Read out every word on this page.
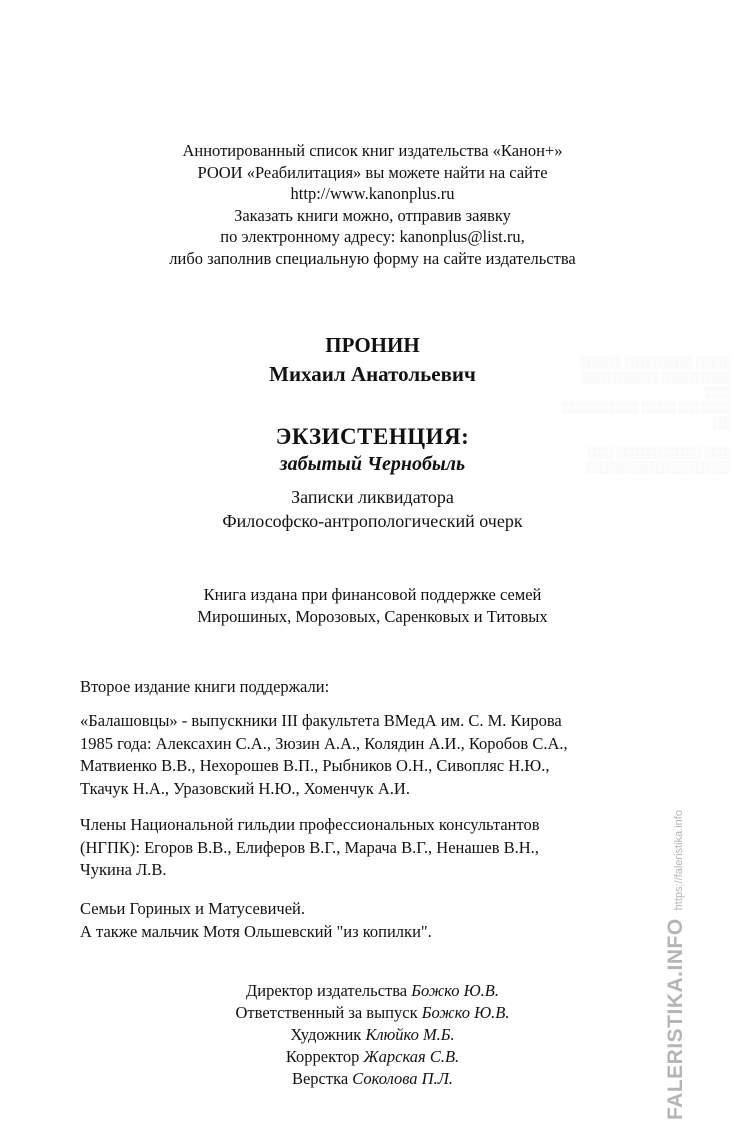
░░░░ ░░░░░░░░ ░░░░░
░░░░░░░░ ░░░░░░░░░ ░░░
░░░░░░ ░░░░ ░░░░░░░░░ ░░

░░░ ░░░░░░░░░░ ░░░
░░░░░░░░░░░░░░░░░
Аннотированный список книг издательства «Канон+»
РООИ «Реабилитация» вы можете найти на сайте
http://www.kanonplus.ru
Заказать книги можно, отправив заявку
по электронному адресу: kanonplus@list.ru,
либо заполнив специальную форму на сайте издательства
ПРОНИН
Михаил Анатольевич
ЭКЗИСТЕНЦИЯ:
забытый Чернобыль
Записки ликвидатора
Философско-антропологический очерк
Книга издана при финансовой поддержке семей
Мирошиных, Морозовых, Саренковых и Титовых
Второе издание книги поддержали:
«Балашовцы» - выпускники III факультета ВМедА им. С. М. Кирова
1985 года: Алексахин С.А., Зюзин А.А., Колядин А.И., Коробов С.А.,
Матвиенко В.В., Нехорошев В.П., Рыбников О.Н., Сивопляс Н.Ю.,
Ткачук Н.А., Уразовский Н.Ю., Хоменчук А.И.
Члены Национальной гильдии профессиональных консультантов
(НГПК): Егоров В.В., Елиферов В.Г., Марача В.Г., Ненашев В.Н.,
Чукина Л.В.
Семьи Гориных и Матусевичей.
А также мальчик Мотя Ольшевский "из копилки".
Директор издательства Божко Ю.В.
Ответственный за выпуск Божко Ю.В.
Художник Клюйко М.Б.
Корректор Жарская С.В.
Верстка Соколова П.Л.	FALERISTIKA.INFOhttps://faleristika.info
